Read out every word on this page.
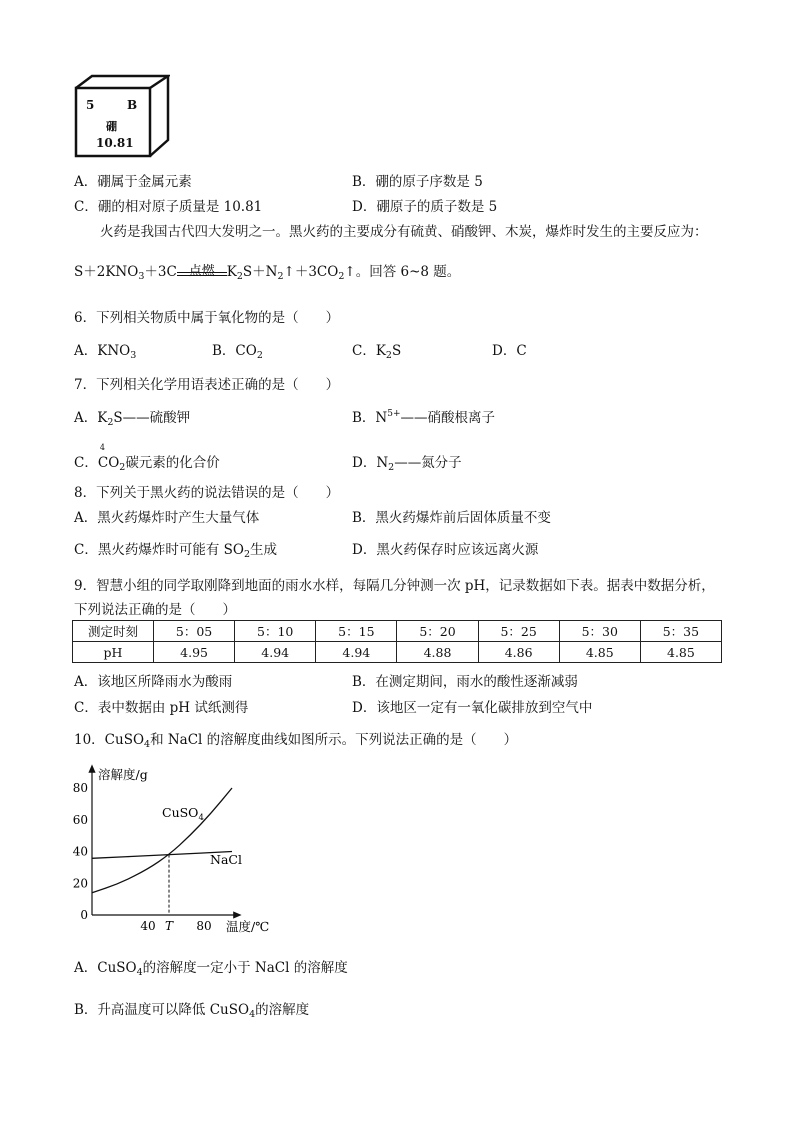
5	B
硼
10.81
A．硼属于金属元素	B．硼的原子序数是 5
C．硼的相对原子质量是 10.81	D．硼原子的质子数是 5
火药是我国古代四大发明之一。黑火药的主要成分有硫黄、硝酸钾、木炭，爆炸时发生的主要反应为：
$S+2KNO_3+3C$ 点燃 $K_2S+N_2↑+3CO_2↑$。回答 6~8 题。
6．下列相关物质中属于氧化物的是（　　）
A．$KNO_3$	B．$CO_2$	C．$K_2S$	D．C
7．下列相关化学用语表述正确的是（　　）
A．$K_2S——$硫酸钾	B．$N^{5+}——$硝酸根离子
C．
4
$CO_2$碳元素的化合价	D．$N_2——$氮分子
8．下列关于黑火药的说法错误的是（　　）
A．黑火药爆炸时产生大量气体	B．黑火药爆炸前后固体质量不变
C．黑火药爆炸时可能有 $SO_2$生成	D．黑火药保存时应该远离火源
9．智慧小组的同学取刚降到地面的雨水水样，每隔几分钟测一次 pH，记录数据如下表。据表中数据分析，
下列说法正确的是（　　）
测定时刻	5：05	5：10	5：15	5：20	5：25	5：30	5：35
pH	4.95	4.94	4.94	4.88	4.86	4.85	4.85
A．该地区所降雨水为酸雨	B．在测定期间，雨水的酸性逐渐减弱
C．表中数据由 pH 试纸测得	D．该地区一定有一氧化碳排放到空气中
10．CuSO$_4$和 NaCl 的溶解度曲线如图所示。下列说法正确的是（　　）
溶解度/g
温度/℃
80
60
40
20
0
40 T 80
CuSO$_4$
NaCl
A．CuSO$_4$的溶解度一定小于 NaCl 的溶解度
B．升高温度可以降低 CuSO$_4$的溶解度
